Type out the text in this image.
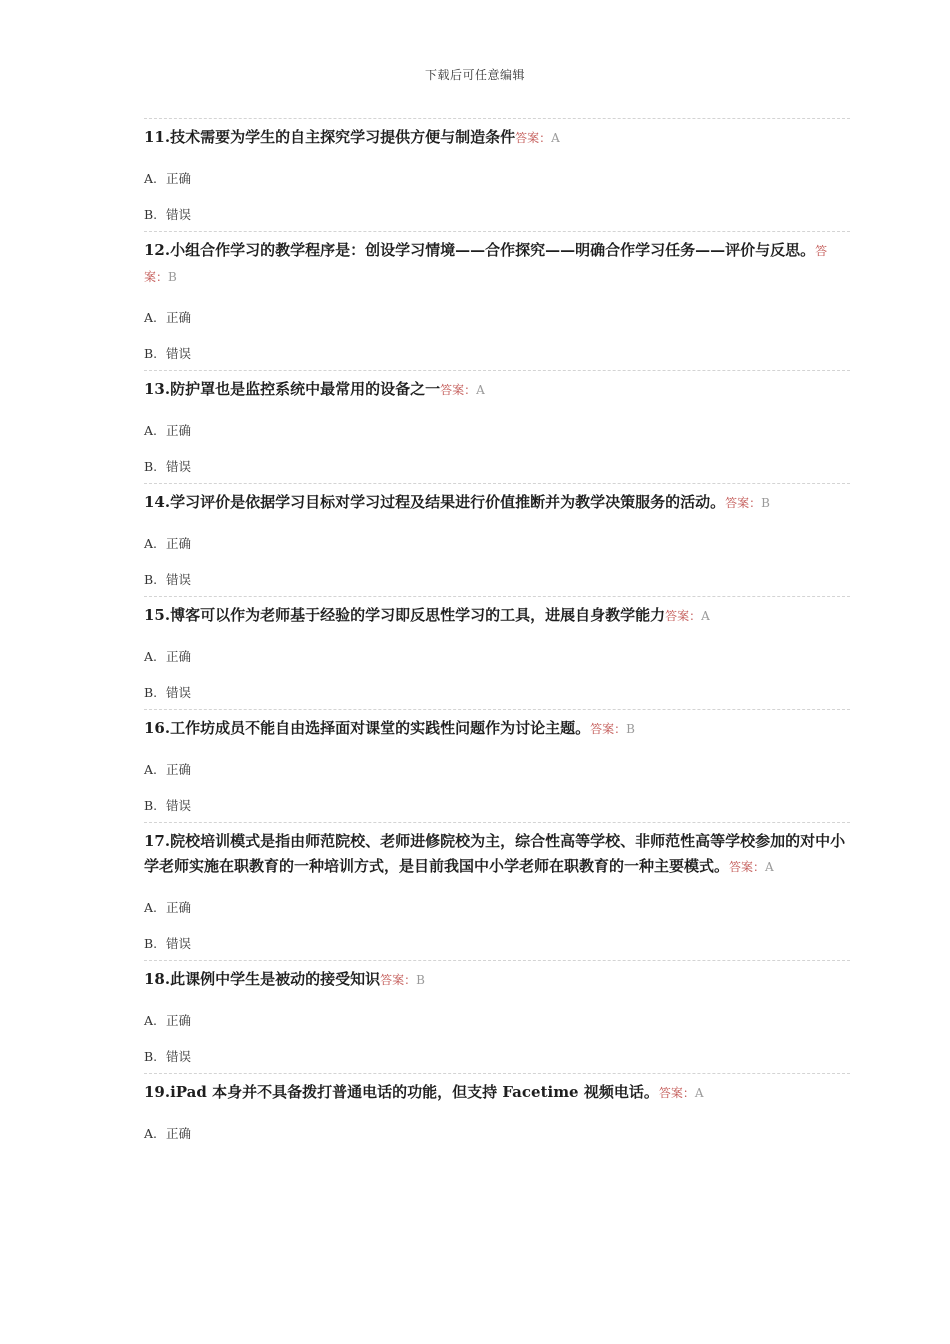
下载后可任意编辑
11.技术需要为学生的自主探究学习提供方便与制造条件答案：A
A. 正确
B. 错误
12.小组合作学习的教学程序是：创设学习情境——合作探究——明确合作学习任务——评价与反思。答案：B
A. 正确
B. 错误
13.防护罩也是监控系统中最常用的设备之一答案：A
A. 正确
B. 错误
14.学习评价是依据学习目标对学习过程及结果进行价值推断并为教学决策服务的活动。答案：B
A. 正确
B. 错误
15.博客可以作为老师基于经验的学习即反思性学习的工具，进展自身教学能力答案：A
A. 正确
B. 错误
16.工作坊成员不能自由选择面对课堂的实践性问题作为讨论主题。答案：B
A. 正确
B. 错误
17.院校培训模式是指由师范院校、老师进修院校为主，综合性高等学校、非师范性高等学校参加的对中小学老师实施在职教育的一种培训方式，是目前我国中小学老师在职教育的一种主要模式。答案：A
A. 正确
B. 错误
18.此课例中学生是被动的接受知识答案：B
A. 正确
B. 错误
19.iPad 本身并不具备拨打普通电话的功能，但支持 Facetime 视频电话。答案：A
A. 正确
